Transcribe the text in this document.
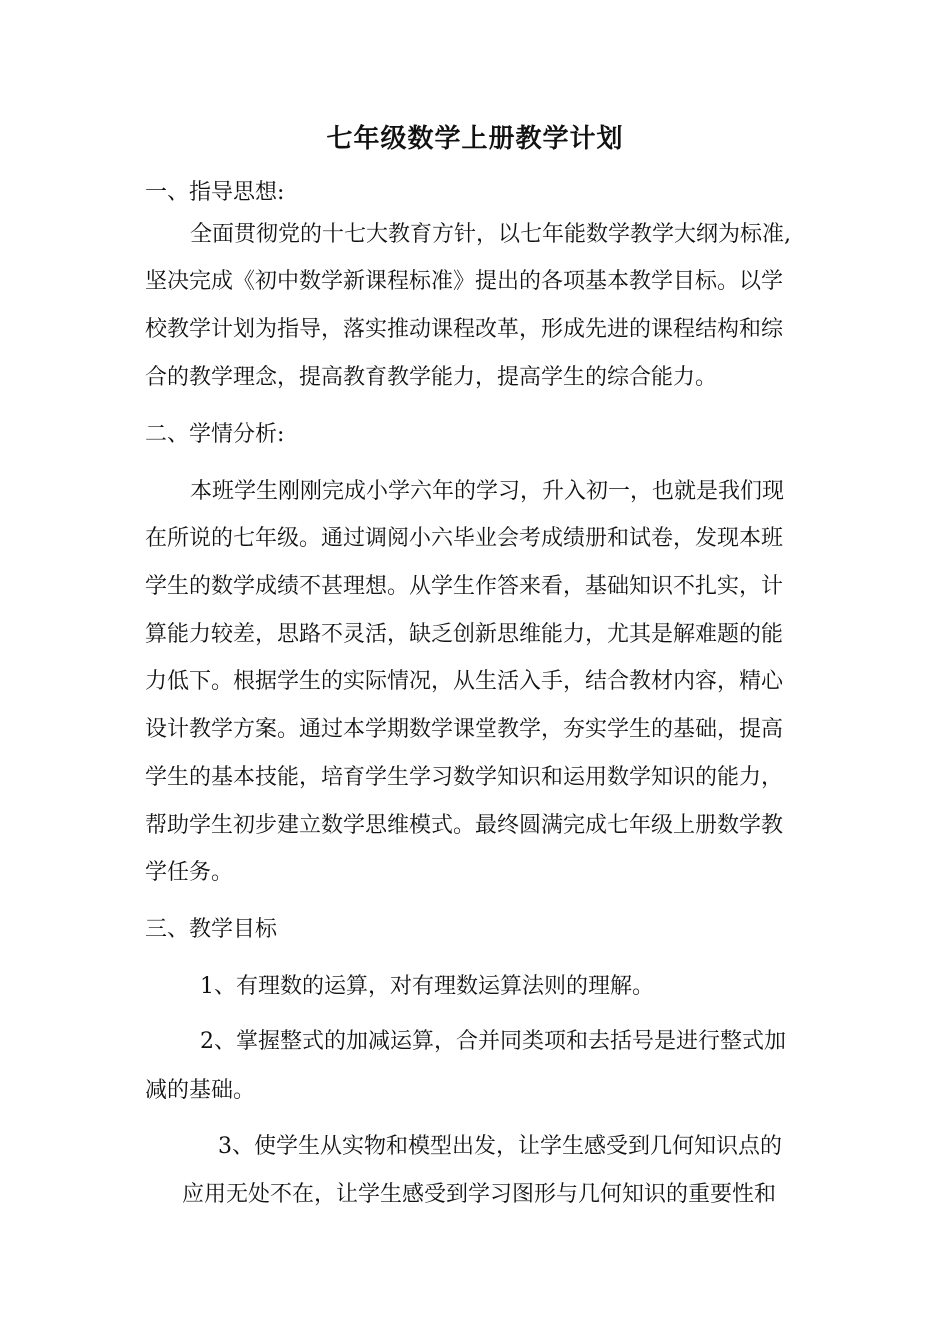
七年级数学上册教学计划

一、指导思想:

全面贯彻党的十七大教育方针，以七年能数学教学大纲为标准,

坚决完成《初中数学新课程标准》提出的各项基本教学目标。以学

校教学计划为指导，落实推动课程改革，形成先进的课程结构和综

合的教学理念，提高教育教学能力，提高学生的综合能力。

二、学情分析:

本班学生刚刚完成小学六年的学习，升入初一，也就是我们现

在所说的七年级。通过调阅小六毕业会考成绩册和试卷，发现本班

学生的数学成绩不甚理想。从学生作答来看，基础知识不扎实，计

算能力较差，思路不灵活，缺乏创新思维能力，尤其是解难题的能

力低下。根据学生的实际情况，从生活入手，结合教材内容，精心

设计教学方案。通过本学期数学课堂教学，夯实学生的基础，提高

学生的基本技能，培育学生学习数学知识和运用数学知识的能力，

帮助学生初步建立数学思维模式。最终圆满完成七年级上册数学教

学任务。

三、教学目标

1、有理数的运算，对有理数运算法则的理解。

2、掌握整式的加减运算，合并同类项和去括号是进行整式加

减的基础。

3、使学生从实物和模型出发，让学生感受到几何知识点的

应用无处不在，让学生感受到学习图形与几何知识的重要性和
